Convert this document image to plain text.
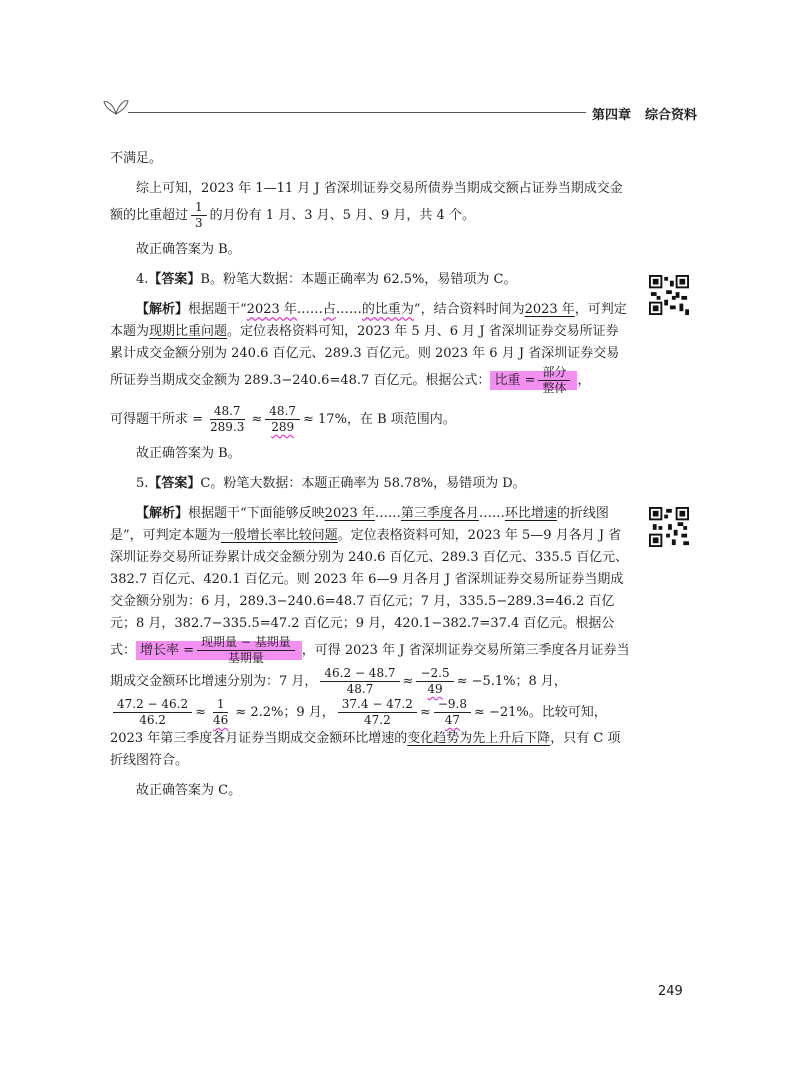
第四章 综合资料

不满足。

综上可知，2023 年 1—11 月 J 省深圳证券交易所债券当期成交额占证券当期成交金额的比重超过 $\frac{1}{3}$ 的月份有 1 月、3 月、5 月、9 月，共 4 个。

故正确答案为 B。

4.【答案】B。粉笔大数据：本题正确率为 62.5%，易错项为 C。

【解析】根据题干“2023 年……占……的比重为”，结合资料时间为2023 年，可判定本题为现期比重问题。定位表格资料可知，2023 年 5 月、6 月 J 省深圳证券交易所证券累计成交金额分别为 240.6 百亿元、289.3 百亿元。则 2023 年 6 月 J 省深圳证券交易所证券当期成交金额为 289.3−240.6=48.7 百亿元。根据公式： 比重 = $\frac{\text{部分}}{\text{整体}}$ ，

可得题干所求 = $\frac{48.7}{289.3} \approx \frac{48.7}{289} \approx 17\%$，在 B 项范围内。

故正确答案为 B。

5.【答案】C。粉笔大数据：本题正确率为 58.78%，易错项为 D。

【解析】根据题干“下面能够反映2023 年……第三季度各月……环比增速的折线图是”，可判定本题为一般增长率比较问题。定位表格资料可知，2023 年 5—9 月各月 J 省深圳证券交易所证券累计成交金额分别为 240.6 百亿元、289.3 百亿元、335.5 百亿元、382.7 百亿元、420.1 百亿元。则 2023 年 6—9 月各月 J 省深圳证券交易所证券当期成交金额分别为：6 月，289.3−240.6=48.7 百亿元；7 月，335.5−289.3=46.2 百亿元；8 月，382.7−335.5=47.2 百亿元；9 月，420.1−382.7=37.4 百亿元。根据公式： 增长率 = $\frac{\text{现期量 − 基期量}}{\text{基期量}}$ ，可得 2023 年 J 省深圳证券交易所第三季度各月证券当期成交金额环比增速分别为：7 月， $\frac{46.2 - 48.7}{48.7} \approx \frac{-2.5}{49} \approx -5.1\%$；8 月，
$\frac{47.2 - 46.2}{46.2} \approx \frac{1}{46} \approx 2.2\%$；9 月， $\frac{37.4 - 47.2}{47.2} \approx \frac{-9.8}{47} \approx -21\%$。比较可知，2023 年第三季度各月证券当期成交金额环比增速的变化趋势为先上升后下降，只有 C 项折线图符合。

故正确答案为 C。

249
